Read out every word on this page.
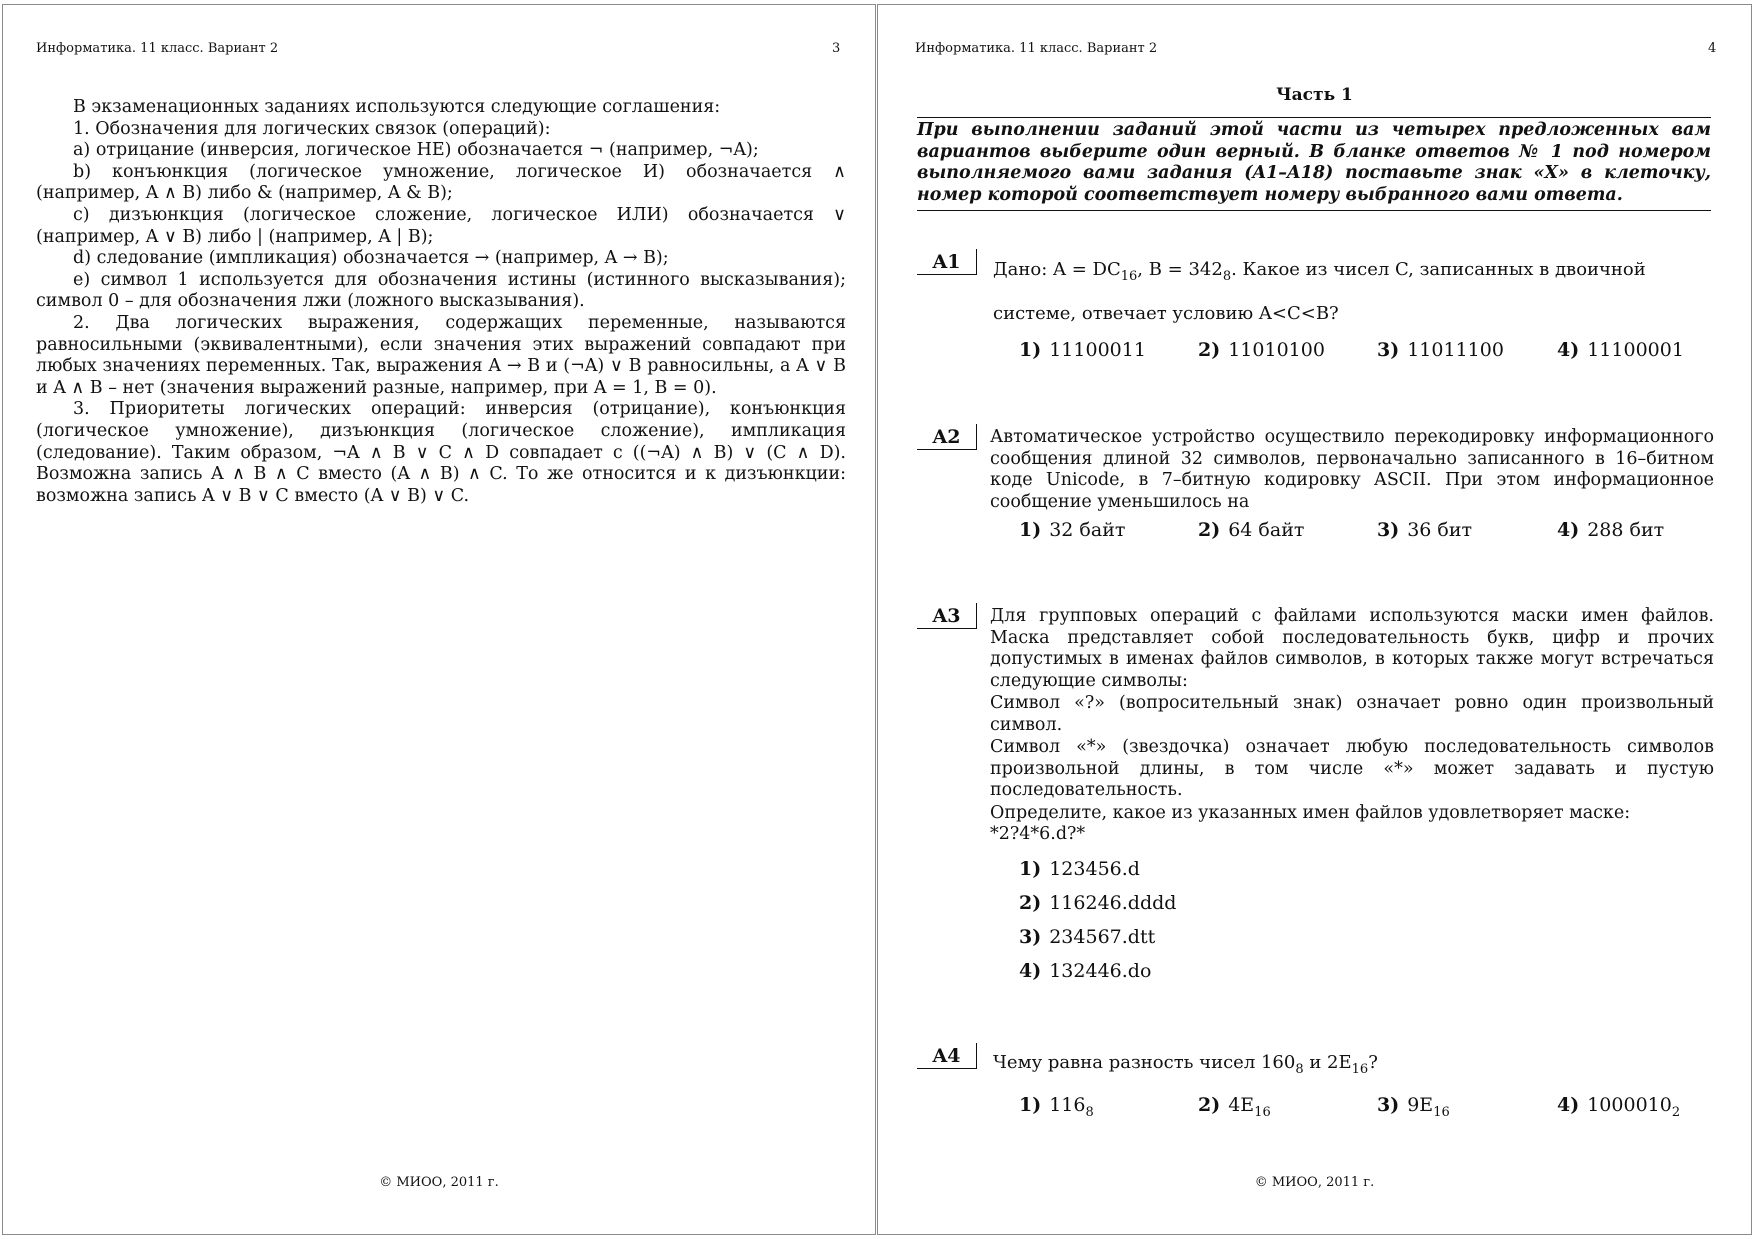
Информатика. 11 класс. Вариант 2	3

В экзаменационных заданиях используются следующие соглашения:

1. Обозначения для логических связок (операций):

a) отрицание (инверсия, логическое НЕ) обозначается ¬ (например, ¬A);

b) конъюнкция (логическое умножение, логическое И) обозначается ∧ (например, A ∧ B) либо & (например, A & B);

c) дизъюнкция (логическое сложение, логическое ИЛИ) обозначается ∨ (например, A ∨ B) либо | (например, A | B);

d) следование (импликация) обозначается → (например, A → B);

e) символ 1 используется для обозначения истины (истинного высказывания); символ 0 – для обозначения лжи (ложного высказывания).

2. Два логических выражения, содержащих переменные, называются равносильными (эквивалентными), если значения этих выражений совпадают при любых значениях переменных. Так, выражения A → B и (¬A) ∨ B равносильны, а A ∨ B и A ∧ B – нет (значения выражений разные, например, при A = 1, B = 0).

3. Приоритеты логических операций: инверсия (отрицание), конъюнкция (логическое умножение), дизъюнкция (логическое сложение), импликация (следование). Таким образом, ¬A ∧ B ∨ C ∧ D совпадает с ((¬A) ∧ B) ∨ (C ∧ D). Возможна запись A ∧ B ∧ C вместо (A ∧ B) ∧ C. То же относится и к дизъюнкции: возможна запись A ∨ B ∨ C вместо (A ∨ B) ∨ C.

© МИОО, 2011 г.
Информатика. 11 класс. Вариант 2	4
Часть 1
При выполнении заданий этой части из четырех предложенных вам вариантов выберите один верный. В бланке ответов № 1 под номером выполняемого вами задания (A1–A18) поставьте знак «X» в клеточку, номер которой соответствует номеру выбранного вами ответа.
A1	Дано: $A = DC_{16}$, $B = 342_8$. Какое из чисел C, записанных в двоичной
системе, отвечает условию A<C<B?
1) 11100011	2) 11010100	3) 11011100	4) 11100001
A2	Автоматическое устройство осуществило перекодировку информационного сообщения длиной 32 символов, первоначально записанного в 16–битном коде Unicode, в 7–битную кодировку ASCII. При этом информационное сообщение уменьшилось на
1) 32 байт	2) 64 байт	3) 36 бит	4) 288 бит
A3	Для групповых операций с файлами используются маски имен файлов. Маска представляет собой последовательность букв, цифр и прочих допустимых в именах файлов символов, в которых также могут встречаться следующие символы:

Символ «?» (вопросительный знак) означает ровно один произвольный символ.

Символ «*» (звездочка) означает любую последовательность символов произвольной длины, в том числе «*» может задавать и пустую последовательность.

Определите, какое из указанных имен файлов удовлетворяет маске:

*2?4*6.d?*

1) 123456.d
2) 116246.dddd
3) 234567.dtt
4) 132446.do
A4	Чему равна разность чисел $160_8$ и $2E_{16}$?
1) $116_8$	2) $4E_{16}$	3) $9E_{16}$	4) $1000010_2$
© МИОО, 2011 г.
